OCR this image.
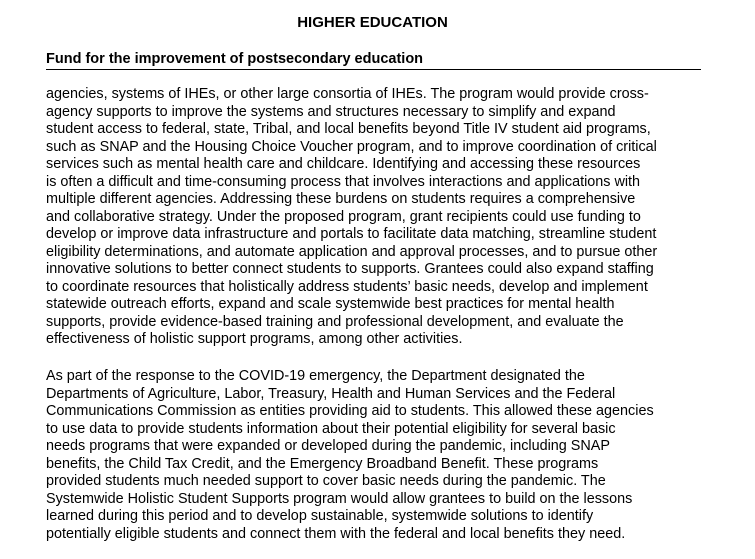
HIGHER EDUCATION
Fund for the improvement of postsecondary education

agencies, systems of IHEs, or other large consortia of IHEs. The program would provide cross-
agency supports to improve the systems and structures necessary to simplify and expand
student access to federal, state, Tribal, and local benefits beyond Title IV student aid programs,
such as SNAP and the Housing Choice Voucher program, and to improve coordination of critical
services such as mental health care and childcare. Identifying and accessing these resources
is often a difficult and time-consuming process that involves interactions and applications with
multiple different agencies. Addressing these burdens on students requires a comprehensive
and collaborative strategy. Under the proposed program, grant recipients could use funding to
develop or improve data infrastructure and portals to facilitate data matching, streamline student
eligibility determinations, and automate application and approval processes, and to pursue other
innovative solutions to better connect students to supports. Grantees could also expand staffing
to coordinate resources that holistically address students’ basic needs, develop and implement
statewide outreach efforts, expand and scale systemwide best practices for mental health
supports, provide evidence-based training and professional development, and evaluate the
effectiveness of holistic support programs, among other activities.

As part of the response to the COVID-19 emergency, the Department designated the
Departments of Agriculture, Labor, Treasury, Health and Human Services and the Federal
Communications Commission as entities providing aid to students. This allowed these agencies
to use data to provide students information about their potential eligibility for several basic
needs programs that were expanded or developed during the pandemic, including SNAP
benefits, the Child Tax Credit, and the Emergency Broadband Benefit. These programs
provided students much needed support to cover basic needs during the pandemic. The
Systemwide Holistic Student Supports program would allow grantees to build on the lessons
learned during this period and to develop sustainable, systemwide solutions to identify
potentially eligible students and connect them with the federal and local benefits they need.
